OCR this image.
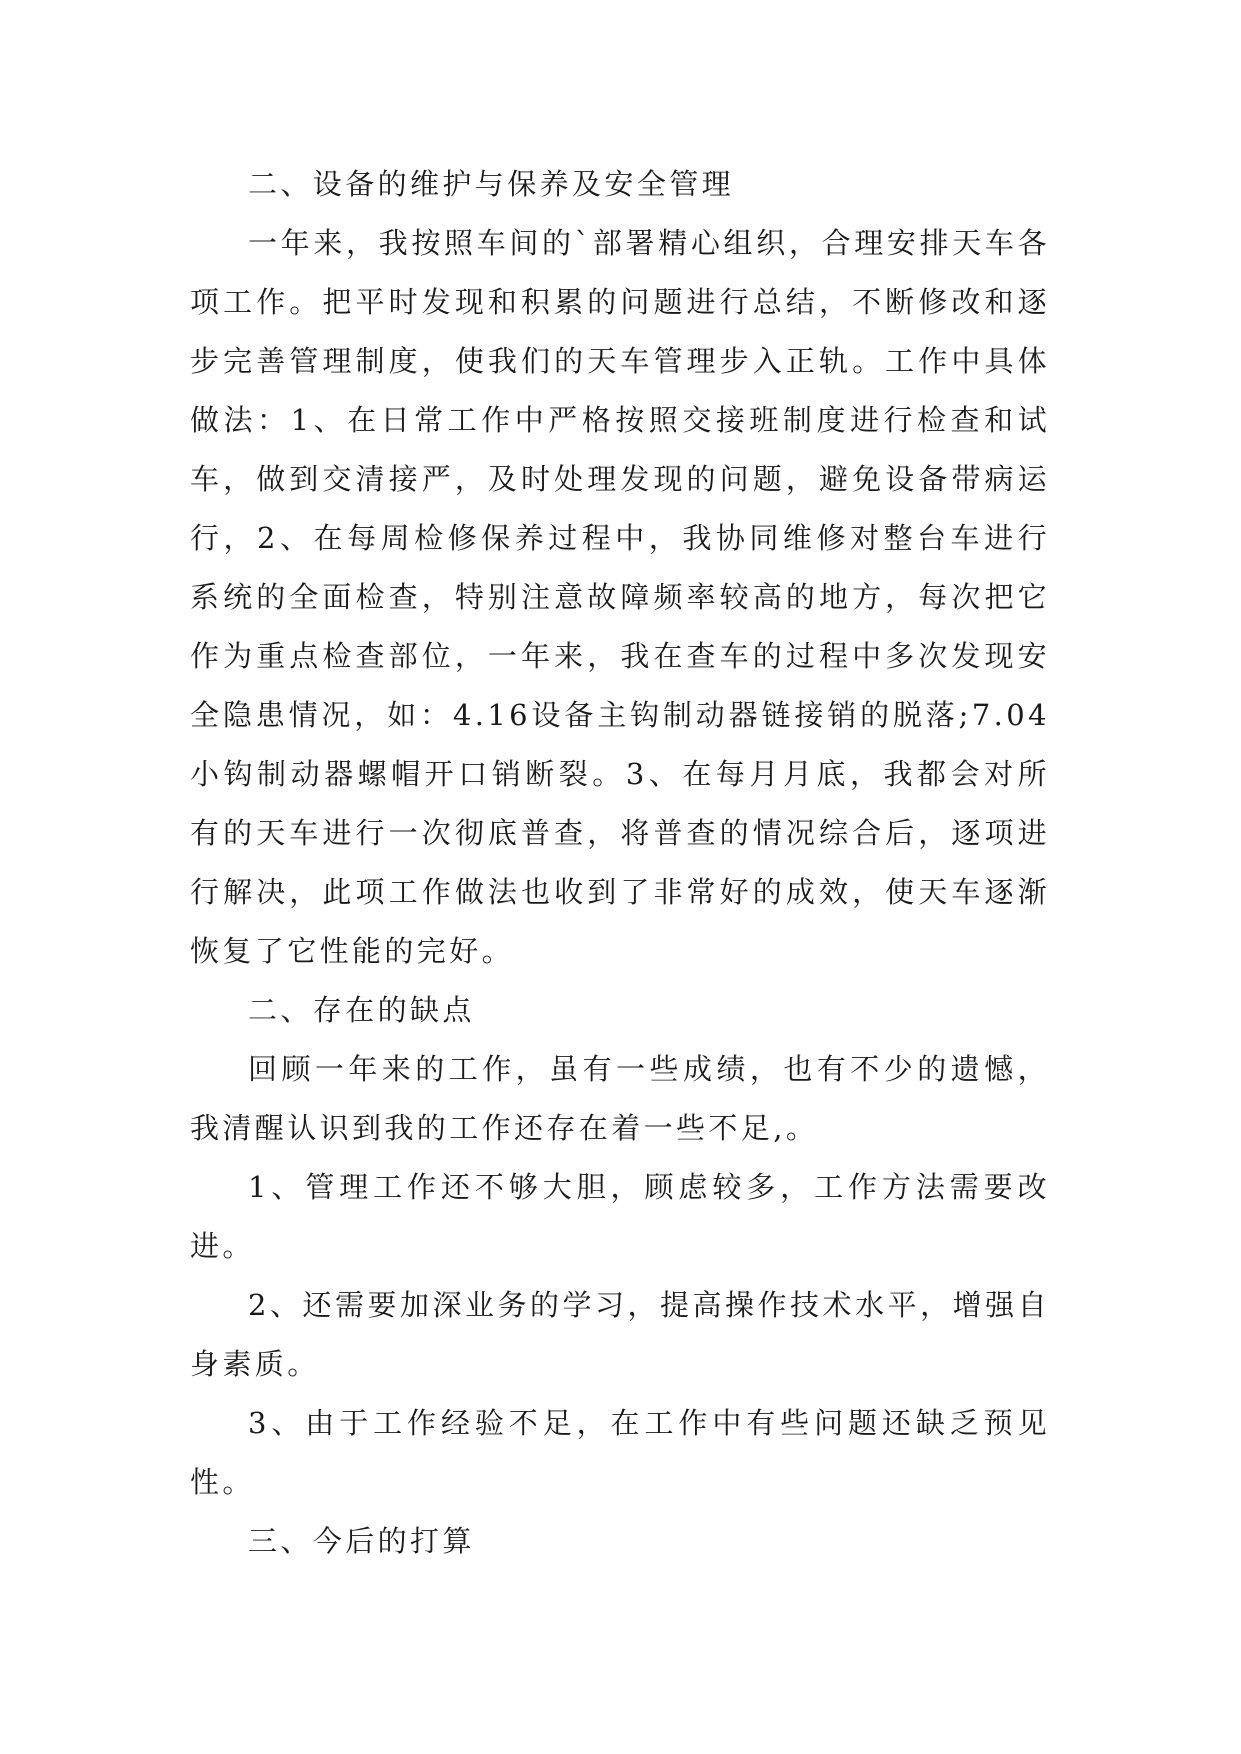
二、设备的维护与保养及安全管理

一年来，我按照车间的`部署精心组织，合理安排天车各项工作。把平时发现和积累的问题进行总结，不断修改和逐步完善管理制度，使我们的天车管理步入正轨。工作中具体做法：1、在日常工作中严格按照交接班制度进行检查和试车，做到交清接严，及时处理发现的问题，避免设备带病运行，2、在每周检修保养过程中，我协同维修对整台车进行系统的全面检查，特别注意故障频率较高的地方，每次把它作为重点检查部位，一年来，我在查车的过程中多次发现安全隐患情况，如：4.16设备主钩制动器链接销的脱落;7.04小钩制动器螺帽开口销断裂。3、在每月月底，我都会对所有的天车进行一次彻底普查，将普查的情况综合后，逐项进行解决，此项工作做法也收到了非常好的成效，使天车逐渐恢复了它性能的完好。

二、存在的缺点

回顾一年来的工作，虽有一些成绩，也有不少的遗憾，我清醒认识到我的工作还存在着一些不足,。

1、管理工作还不够大胆，顾虑较多，工作方法需要改进。

2、还需要加深业务的学习，提高操作技术水平，增强自身素质。

3、由于工作经验不足，在工作中有些问题还缺乏预见性。

三、今后的打算
